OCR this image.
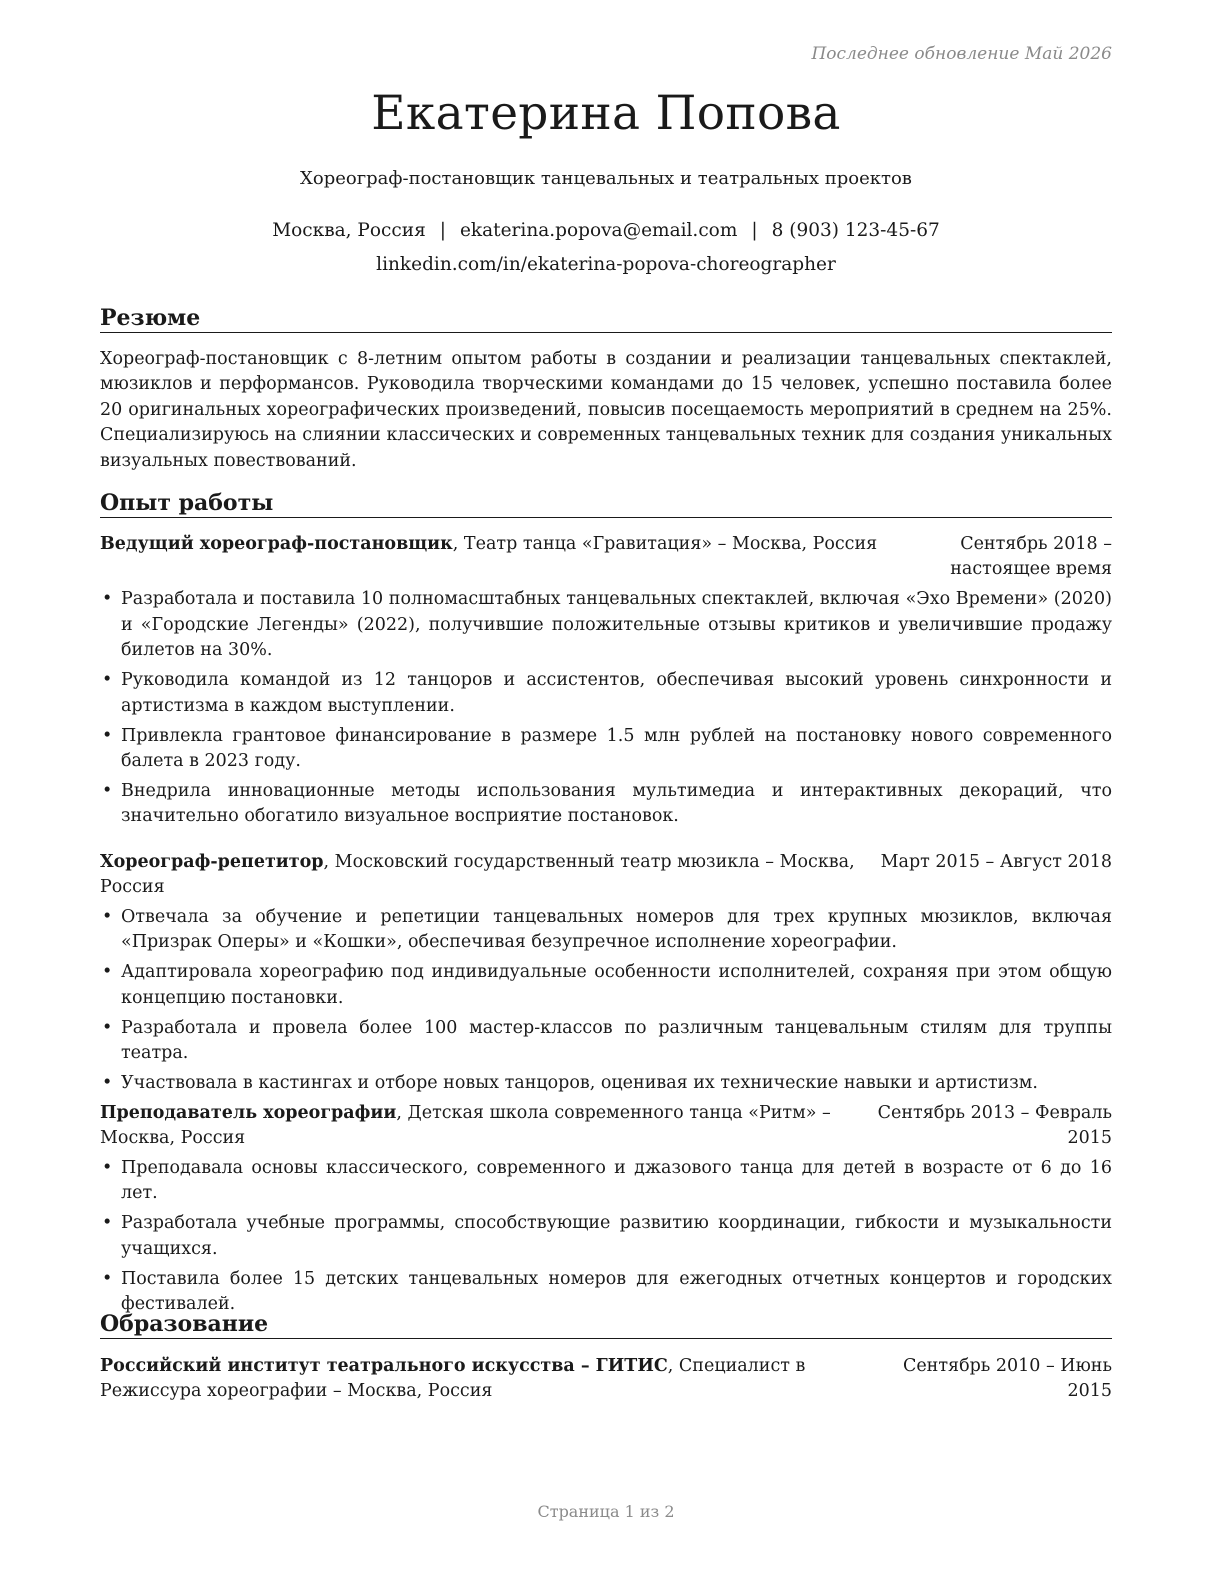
Последнее обновление Май 2026
Екатерина Попова
Хореограф-постановщик танцевальных и театральных проектов
Москва, Россия | ekaterina.popova@email.com | 8 (903) 123-45-67
linkedin.com/in/ekaterina-popova-choreographer
Резюме
Хореограф-постановщик с 8-летним опытом работы в создании и реализации танцевальных спектаклей, мюзиклов и перформансов. Руководила творческими командами до 15 человек, успешно поставила более 20 оригинальных хореографических произведений, повысив посещаемость мероприятий в среднем на 25%. Специализируюсь на слиянии классических и современных танцевальных техник для создания уникальных визуальных повествований.
Опыт работы
Ведущий хореограф-постановщик, Театр танца «Гравитация» – Москва, Россия	Сентябрь 2018 – настоящее время
• Разработала и поставила 10 полномасштабных танцевальных спектаклей, включая «Эхо Времени» (2020) и «Городские Легенды» (2022), получившие положительные отзывы критиков и увеличившие продажу билетов на 30%.
• Руководила командой из 12 танцоров и ассистентов, обеспечивая высокий уровень синхронности и артистизма в каждом выступлении.
• Привлекла грантовое финансирование в размере 1.5 млн рублей на постановку нового современного балета в 2023 году.
• Внедрила инновационные методы использования мультимедиа и интерактивных декораций, что значительно обогатило визуальное восприятие постановок.
Хореограф-репетитор, Московский государственный театр мюзикла – Москва, Россия
Март 2015 – Август 2018
• Отвечала за обучение и репетиции танцевальных номеров для трех крупных мюзиклов, включая «Призрак Оперы» и «Кошки», обеспечивая безупречное исполнение хореографии.
• Адаптировала хореографию под индивидуальные особенности исполнителей, сохраняя при этом общую концепцию постановки.
• Разработала и провела более 100 мастер-классов по различным танцевальным стилям для труппы театра.
• Участвовала в кастингах и отборе новых танцоров, оценивая их технические навыки и артистизм.
Преподаватель хореографии, Детская школа современного танца «Ритм» – Москва, Россия
Сентябрь 2013 – Февраль 2015
• Преподавала основы классического, современного и джазового танца для детей в возрасте от 6 до 16 лет.
• Разработала учебные программы, способствующие развитию координации, гибкости и музыкальности учащихся.
• Поставила более 15 детских танцевальных номеров для ежегодных отчетных концертов и городских фестивалей.
Образование
Российский институт театрального искусства – ГИТИС, Специалист в Режиссура хореографии – Москва, Россия
Сентябрь 2010 – Июнь 2015
Страница 1 из 2
